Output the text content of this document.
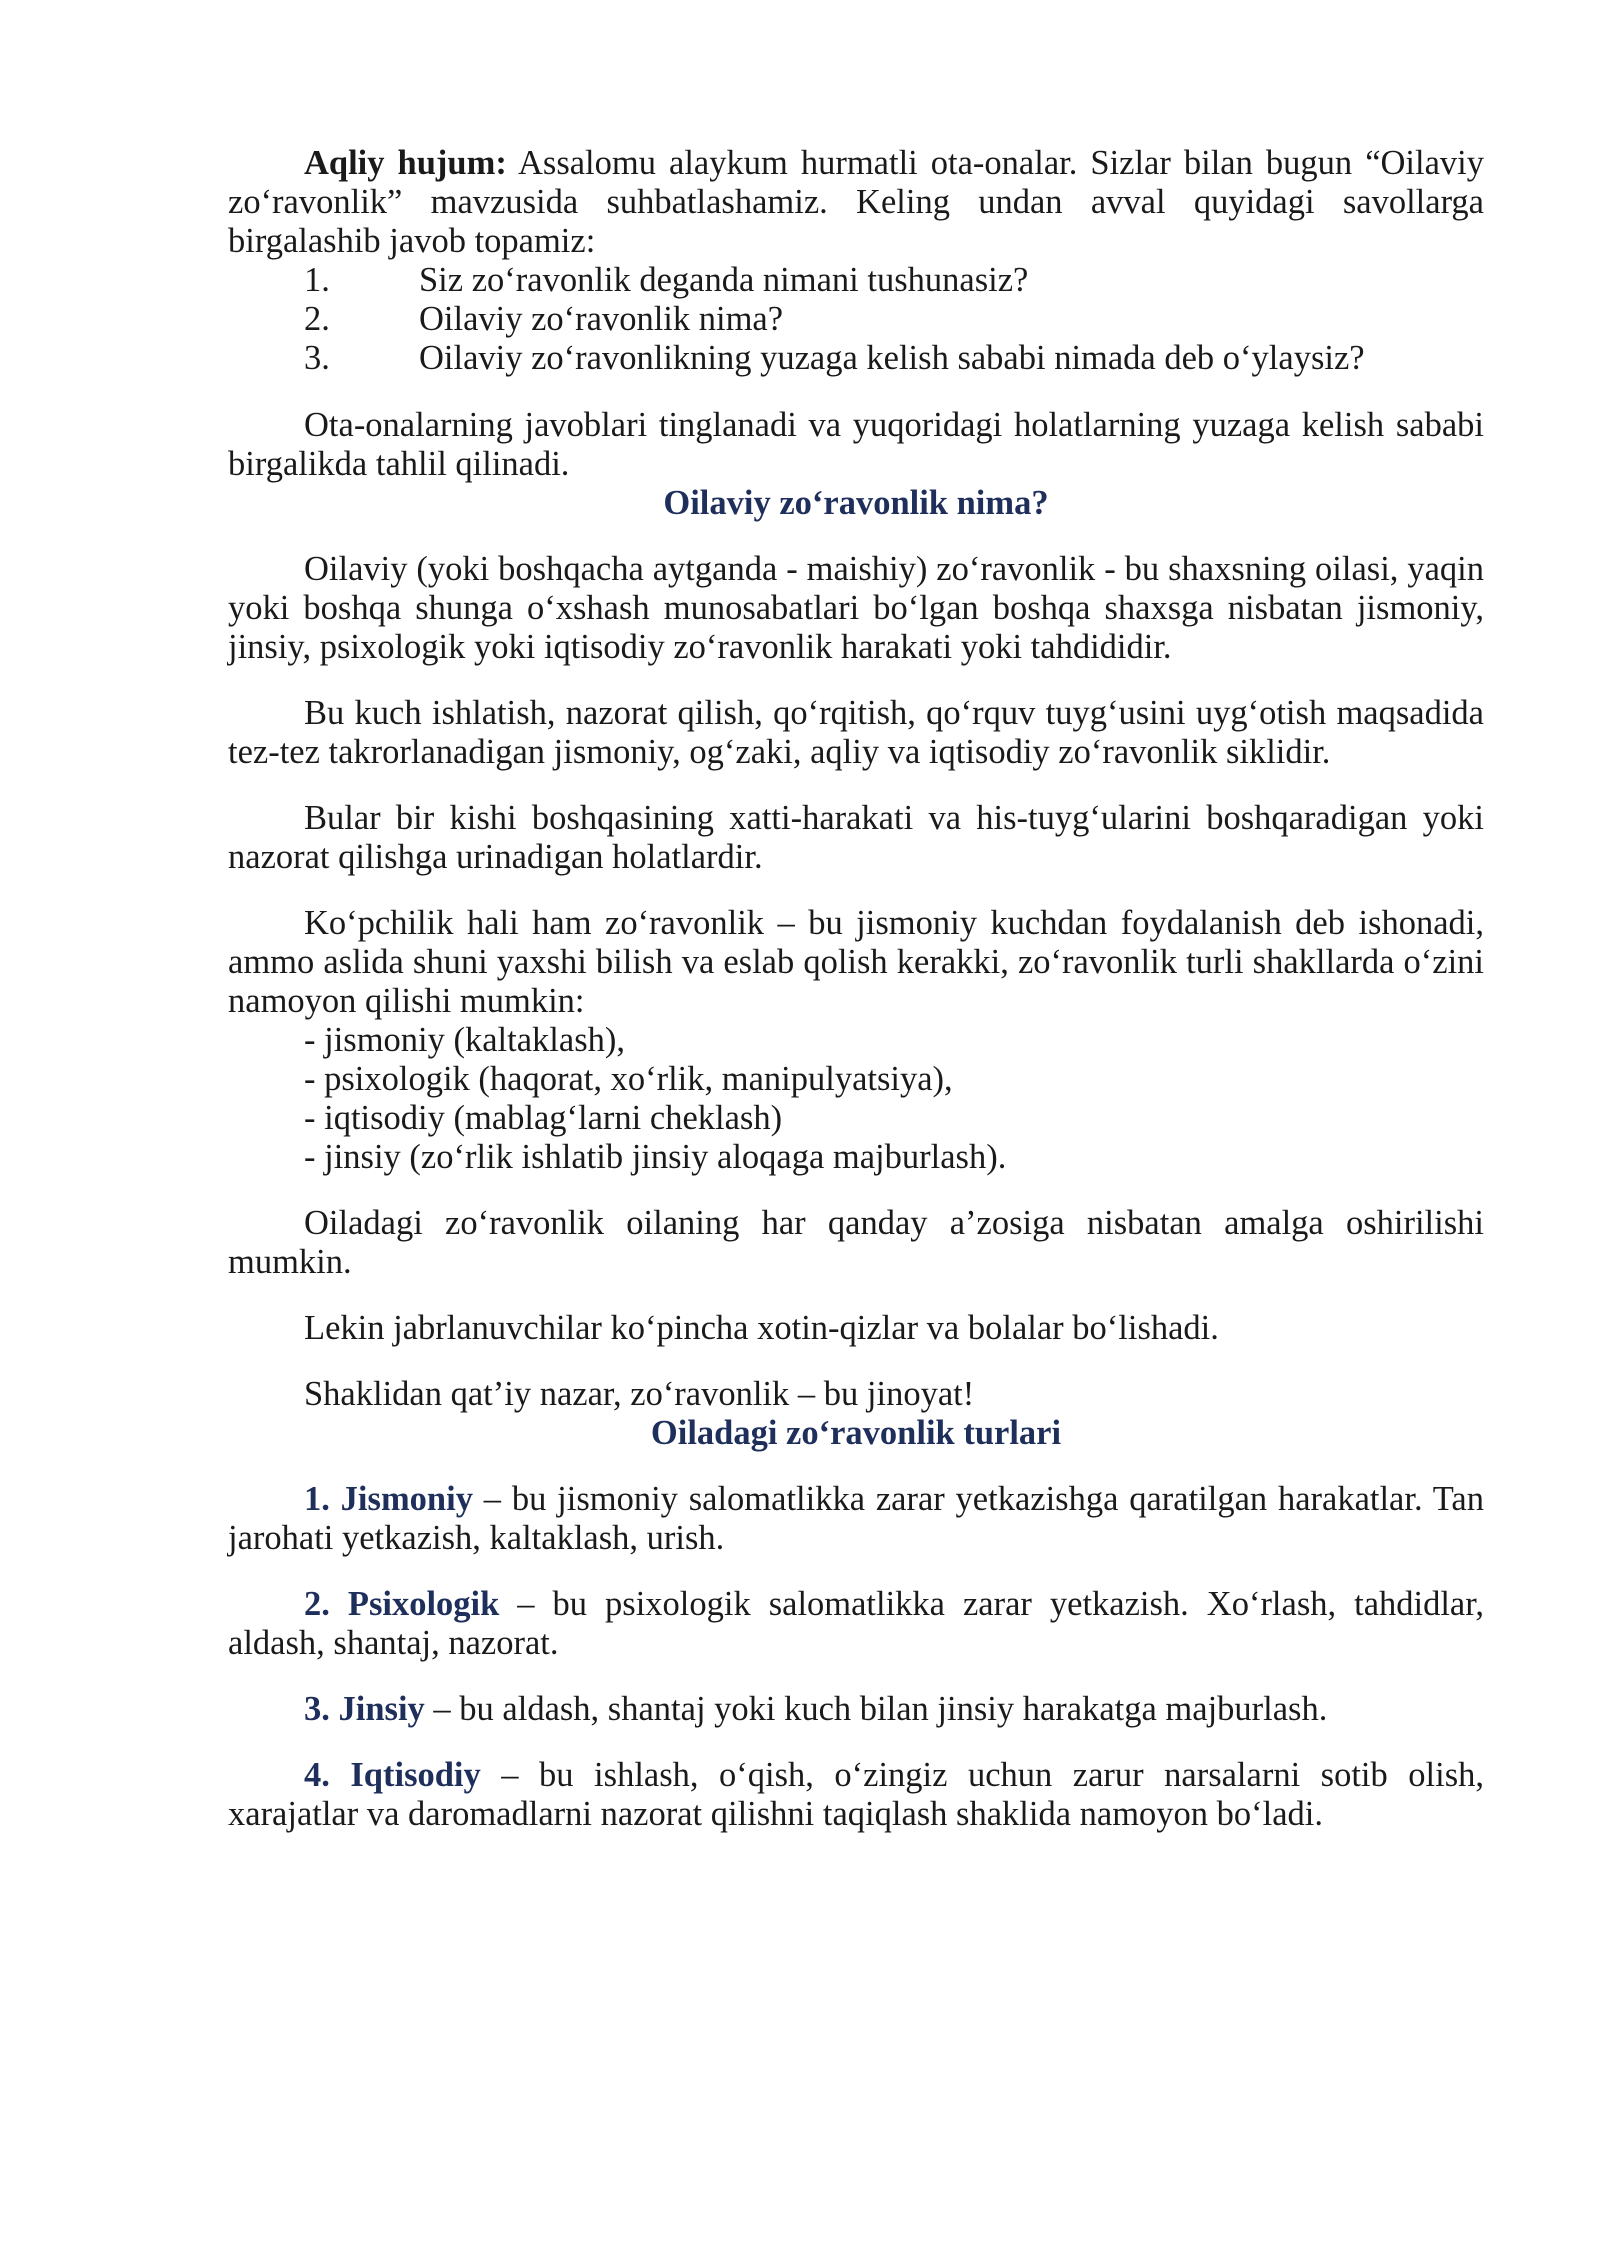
Aqliy hujum: Assalomu alaykum hurmatli ota-onalar. Sizlar bilan bugun “Oilaviy zo‘ravonlik” mavzusida suhbatlashamiz. Keling undan avval quyidagi savollarga birgalashib javob topamiz:

1.	Siz zo‘ravonlik deganda nimani tushunasiz?
2.	Oilaviy zo‘ravonlik nima?
3.	Oilaviy zo‘ravonlikning yuzaga kelish sababi nimada deb o‘ylaysiz?

Ota-onalarning javoblari tinglanadi va yuqoridagi holatlarning yuzaga kelish sababi birgalikda tahlil qilinadi.

Oilaviy zo‘ravonlik nima?

Oilaviy (yoki boshqacha aytganda - maishiy) zo‘ravonlik - bu shaxsning oilasi, yaqin yoki boshqa shunga o‘xshash munosabatlari bo‘lgan boshqa shaxsga nisbatan jismoniy, jinsiy, psixologik yoki iqtisodiy zo‘ravonlik harakati yoki tahdididir.

Bu kuch ishlatish, nazorat qilish, qo‘rqitish, qo‘rquv tuyg‘usini uyg‘otish maqsadida tez-tez takrorlanadigan jismoniy, og‘zaki, aqliy va iqtisodiy zo‘ravonlik siklidir.

Bular bir kishi boshqasining xatti-harakati va his-tuyg‘ularini boshqaradigan yoki nazorat qilishga urinadigan holatlardir.

Ko‘pchilik hali ham zo‘ravonlik – bu jismoniy kuchdan foydalanish deb ishonadi, ammo aslida shuni yaxshi bilish va eslab qolish kerakki, zo‘ravonlik turli shakllarda o‘zini namoyon qilishi mumkin:

- jismoniy (kaltaklash),
- psixologik (haqorat, xo‘rlik, manipulyatsiya),
- iqtisodiy (mablag‘larni cheklash)
- jinsiy (zo‘rlik ishlatib jinsiy aloqaga majburlash).

Oiladagi zo‘ravonlik oilaning har qanday a’zosiga nisbatan amalga oshirilishi mumkin.

Lekin jabrlanuvchilar ko‘pincha xotin-qizlar va bolalar bo‘lishadi.

Shaklidan qat’iy nazar, zo‘ravonlik – bu jinoyat!

Oiladagi zo‘ravonlik turlari

1. Jismoniy – bu jismoniy salomatlikka zarar yetkazishga qaratilgan harakatlar. Tan jarohati yetkazish, kaltaklash, urish.

2. Psixologik – bu psixologik salomatlikka zarar yetkazish. Xo‘rlash, tahdidlar, aldash, shantaj, nazorat.

3. Jinsiy – bu aldash, shantaj yoki kuch bilan jinsiy harakatga majburlash.

4. Iqtisodiy – bu ishlash, o‘qish, o‘zingiz uchun zarur narsalarni sotib olish, xarajatlar va daromadlarni nazorat qilishni taqiqlash shaklida namoyon bo‘ladi.
